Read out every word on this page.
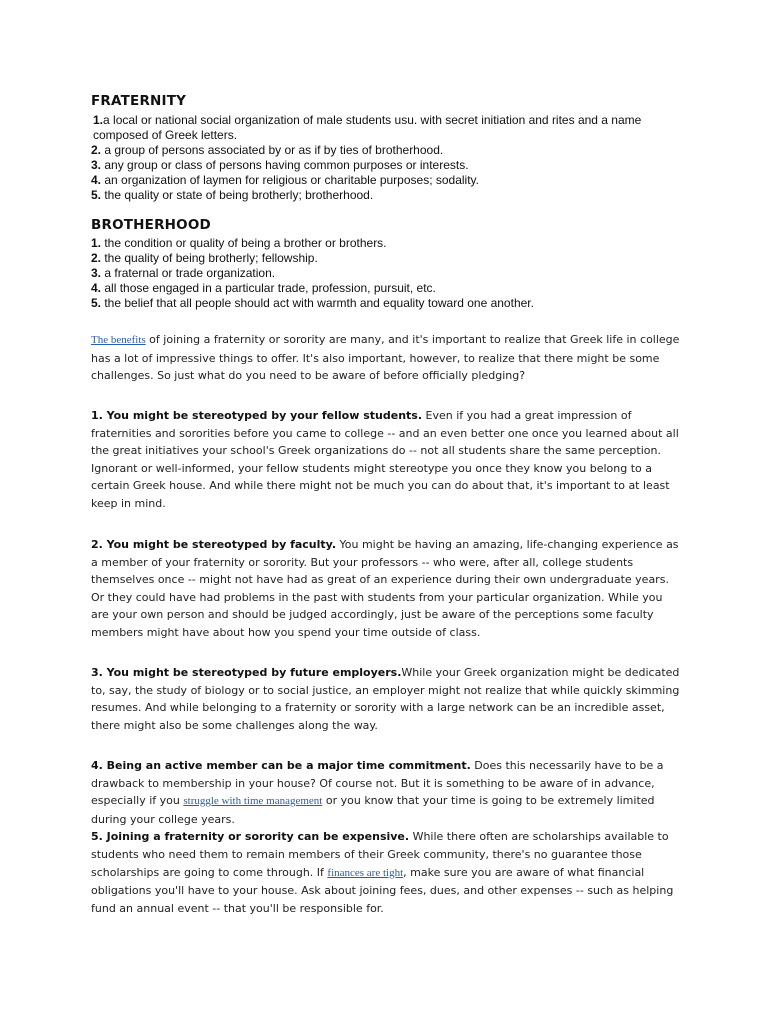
FRATERNITY

1.a local or national social organization of male students usu. with secret initiation and rites and a name composed of Greek letters.

2. a group of persons associated by or as if by ties of brotherhood.

3. any group or class of persons having common purposes or interests.

4. an organization of laymen for religious or charitable purposes; sodality.

5. the quality or state of being brotherly; brotherhood.

BROTHERHOOD

1. the condition or quality of being a brother or brothers.

2. the quality of being brotherly; fellowship.

3. a fraternal or trade organization.

4. all those engaged in a particular trade, profession, pursuit, etc.

5. the belief that all people should act with warmth and equality toward one another.

The benefits of joining a fraternity or sorority are many, and it's important to realize that Greek life in college has a lot of impressive things to offer. It's also important, however, to realize that there might be some challenges. So just what do you need to be aware of before officially pledging?

1. You might be stereotyped by your fellow students. Even if you had a great impression of fraternities and sororities before you came to college -- and an even better one once you learned about all the great initiatives your school's Greek organizations do -- not all students share the same perception. Ignorant or well-informed, your fellow students might stereotype you once they know you belong to a certain Greek house. And while there might not be much you can do about that, it's important to at least keep in mind.

2. You might be stereotyped by faculty. You might be having an amazing, life-changing experience as a member of your fraternity or sorority. But your professors -- who were, after all, college students themselves once -- might not have had as great of an experience during their own undergraduate years. Or they could have had problems in the past with students from your particular organization. While you are your own person and should be judged accordingly, just be aware of the perceptions some faculty members might have about how you spend your time outside of class.

3. You might be stereotyped by future employers.While your Greek organization might be dedicated to, say, the study of biology or to social justice, an employer might not realize that while quickly skimming resumes. And while belonging to a fraternity or sorority with a large network can be an incredible asset, there might also be some challenges along the way.

4. Being an active member can be a major time commitment. Does this necessarily have to be a drawback to membership in your house? Of course not. But it is something to be aware of in advance, especially if you struggle with time management or you know that your time is going to be extremely limited during your college years.

5. Joining a fraternity or sorority can be expensive. While there often are scholarships available to students who need them to remain members of their Greek community, there's no guarantee those scholarships are going to come through. If finances are tight, make sure you are aware of what financial obligations you'll have to your house. Ask about joining fees, dues, and other expenses -- such as helping fund an annual event -- that you'll be responsible for.
